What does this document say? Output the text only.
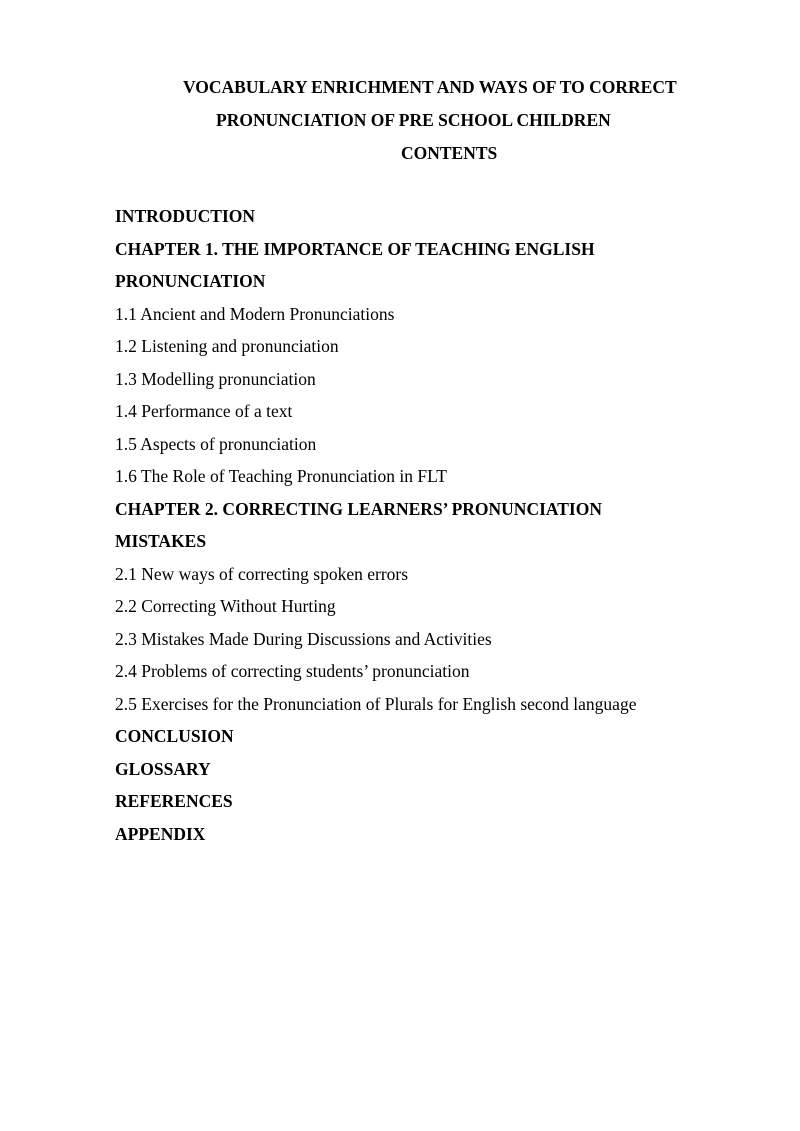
VOCABULARY ENRICHMENT AND WAYS OF TO CORRECT
PRONUNCIATION OF PRE SCHOOL CHILDREN
CONTENTS
INTRODUCTION
CHAPTER 1. THE IMPORTANCE OF TEACHING ENGLISH
PRONUNCIATION
1.1 Ancient and Modern Pronunciations
1.2 Listening and pronunciation
1.3 Modelling pronunciation
1.4 Performance of a text
1.5 Aspects of pronunciation
1.6 The Role of Teaching Pronunciation in FLT
CHAPTER 2. CORRECTING LEARNERS’ PRONUNCIATION
MISTAKES
2.1 New ways of correcting spoken errors
2.2 Correcting Without Hurting
2.3 Mistakes Made During Discussions and Activities
2.4 Problems of correcting students’ pronunciation
2.5 Exercises for the Pronunciation of Plurals for English second language
CONCLUSION
GLOSSARY
REFERENCES
APPENDIX
